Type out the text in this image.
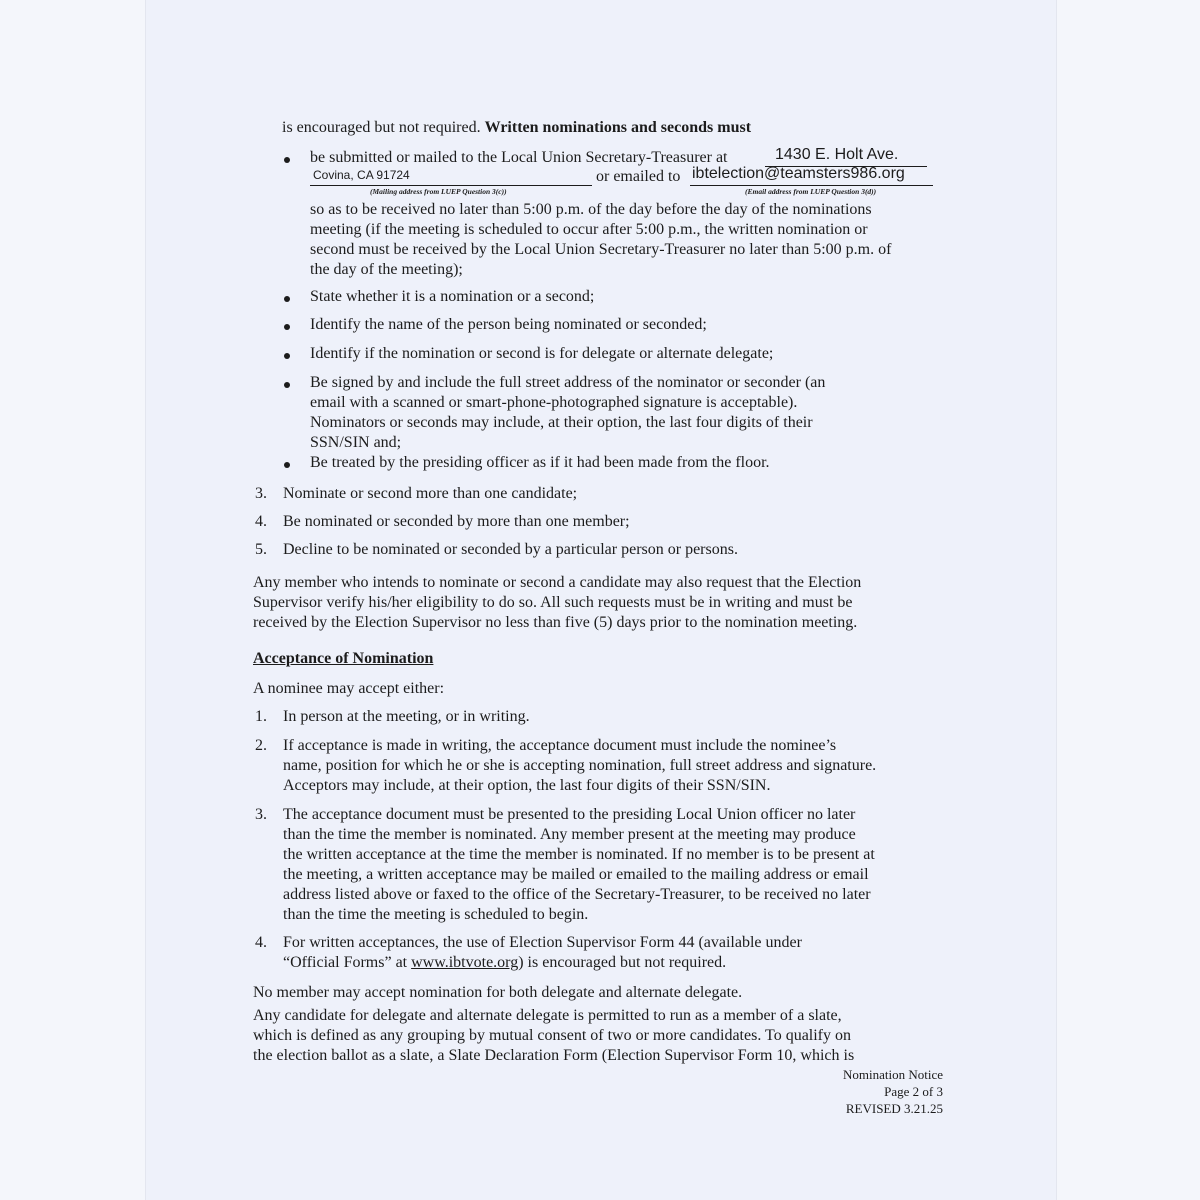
is encouraged but not required. Written nominations and seconds must

be submitted or mailed to the Local Union Secretary-Treasurer at	1430 E. Holt Ave.
Covina, CA 91724	or emailed to ibtelection@teamsters986.org
(Mailing address from LUEP Question 3(c))	(Email address from LUEP Question 3(d))

so as to be received no later than 5:00 p.m. of the day before the day of the nominations

meeting (if the meeting is scheduled to occur after 5:00 p.m., the written nomination or

second must be received by the Local Union Secretary-Treasurer no later than 5:00 p.m. of

the day of the meeting);

State whether it is a nomination or a second;

Identify the name of the person being nominated or seconded;

Identify if the nomination or second is for delegate or alternate delegate;

Be signed by and include the full street address of the nominator or seconder (an

email with a scanned or smart-phone-photographed signature is acceptable).

Nominators or seconds may include, at their option, the last four digits of their

SSN/SIN and;

Be treated by the presiding officer as if it had been made from the floor.

3. Nominate or second more than one candidate;

4. Be nominated or seconded by more than one member;

5. Decline to be nominated or seconded by a particular person or persons.

Any member who intends to nominate or second a candidate may also request that the Election

Supervisor verify his/her eligibility to do so. All such requests must be in writing and must be

received by the Election Supervisor no less than five (5) days prior to the nomination meeting.

Acceptance of Nomination

A nominee may accept either:

1. In person at the meeting, or in writing.

2. If acceptance is made in writing, the acceptance document must include the nominee’s

name, position for which he or she is accepting nomination, full street address and signature.

Acceptors may include, at their option, the last four digits of their SSN/SIN.

3. The acceptance document must be presented to the presiding Local Union officer no later

than the time the member is nominated. Any member present at the meeting may produce

the written acceptance at the time the member is nominated. If no member is to be present at

the meeting, a written acceptance may be mailed or emailed to the mailing address or email

address listed above or faxed to the office of the Secretary-Treasurer, to be received no later

than the time the meeting is scheduled to begin.

4. For written acceptances, the use of Election Supervisor Form 44 (available under

“Official Forms” at www.ibtvote.org) is encouraged but not required.

No member may accept nomination for both delegate and alternate delegate.

Any candidate for delegate and alternate delegate is permitted to run as a member of a slate,

which is defined as any grouping by mutual consent of two or more candidates. To qualify on

the election ballot as a slate, a Slate Declaration Form (Election Supervisor Form 10, which is

Nomination Notice
Page 2 of 3
REVISED 3.21.25
